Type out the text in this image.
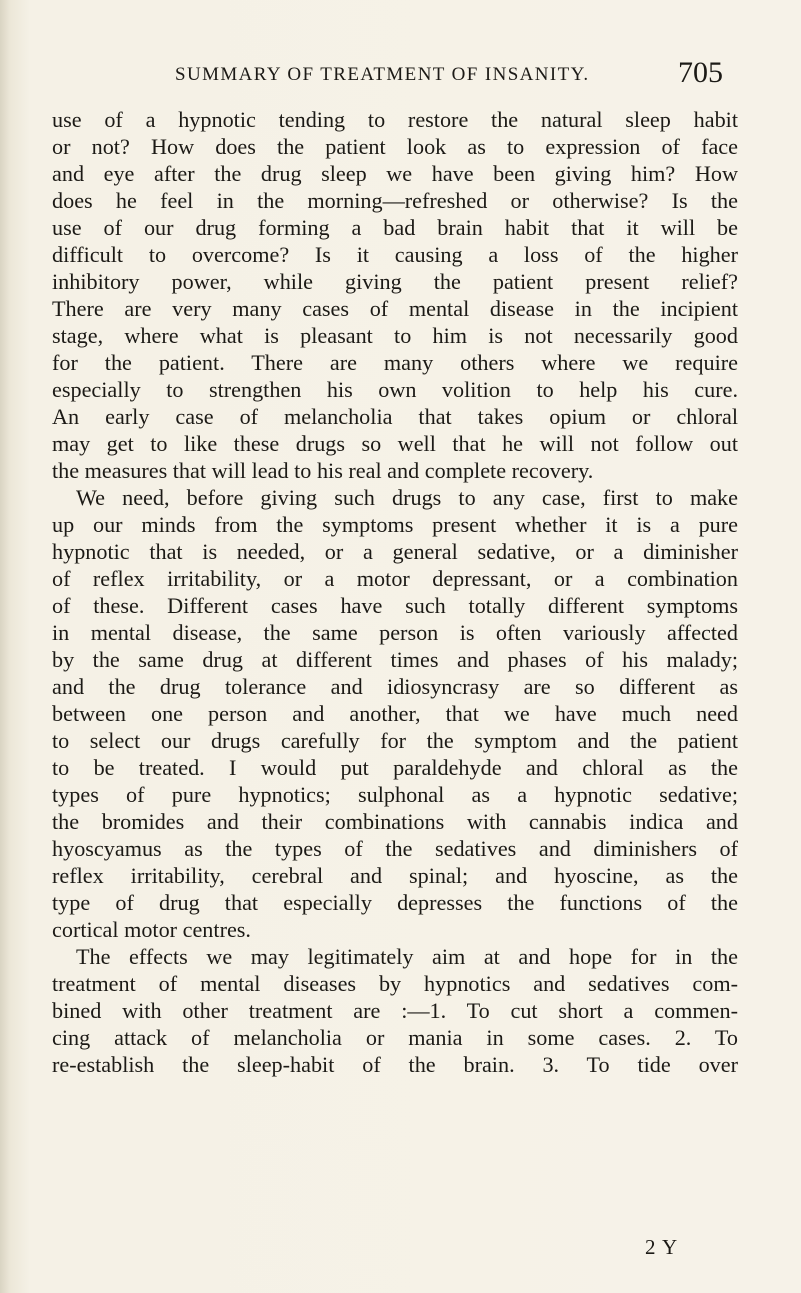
SUMMARY OF TREATMENT OF INSANITY.	705
use of a hypnotic tending to restore the natural sleep habit
or not? How does the patient look as to expression of face
and eye after the drug sleep we have been giving him? How
does he feel in the morning—refreshed or otherwise? Is the
use of our drug forming a bad brain habit that it will be
difficult to overcome? Is it causing a loss of the higher
inhibitory power, while giving the patient present relief?
There are very many cases of mental disease in the incipient
stage, where what is pleasant to him is not necessarily good
for the patient. There are many others where we require
especially to strengthen his own volition to help his cure.
An early case of melancholia that takes opium or chloral
may get to like these drugs so well that he will not follow out
the measures that will lead to his real and complete recovery.
We need, before giving such drugs to any case, first to make
up our minds from the symptoms present whether it is a pure
hypnotic that is needed, or a general sedative, or a diminisher
of reflex irritability, or a motor depressant, or a combination
of these. Different cases have such totally different symptoms
in mental disease, the same person is often variously affected
by the same drug at different times and phases of his malady;
and the drug tolerance and idiosyncrasy are so different as
between one person and another, that we have much need
to select our drugs carefully for the symptom and the patient
to be treated. I would put paraldehyde and chloral as the
types of pure hypnotics; sulphonal as a hypnotic sedative;
the bromides and their combinations with cannabis indica and
hyoscyamus as the types of the sedatives and diminishers of
reflex irritability, cerebral and spinal; and hyoscine, as the
type of drug that especially depresses the functions of the
cortical motor centres.
The effects we may legitimately aim at and hope for in the
treatment of mental diseases by hypnotics and sedatives com-
bined with other treatment are :—1. To cut short a commen-
cing attack of melancholia or mania in some cases. 2. To
re-establish the sleep-habit of the brain. 3. To tide over
2 Y
